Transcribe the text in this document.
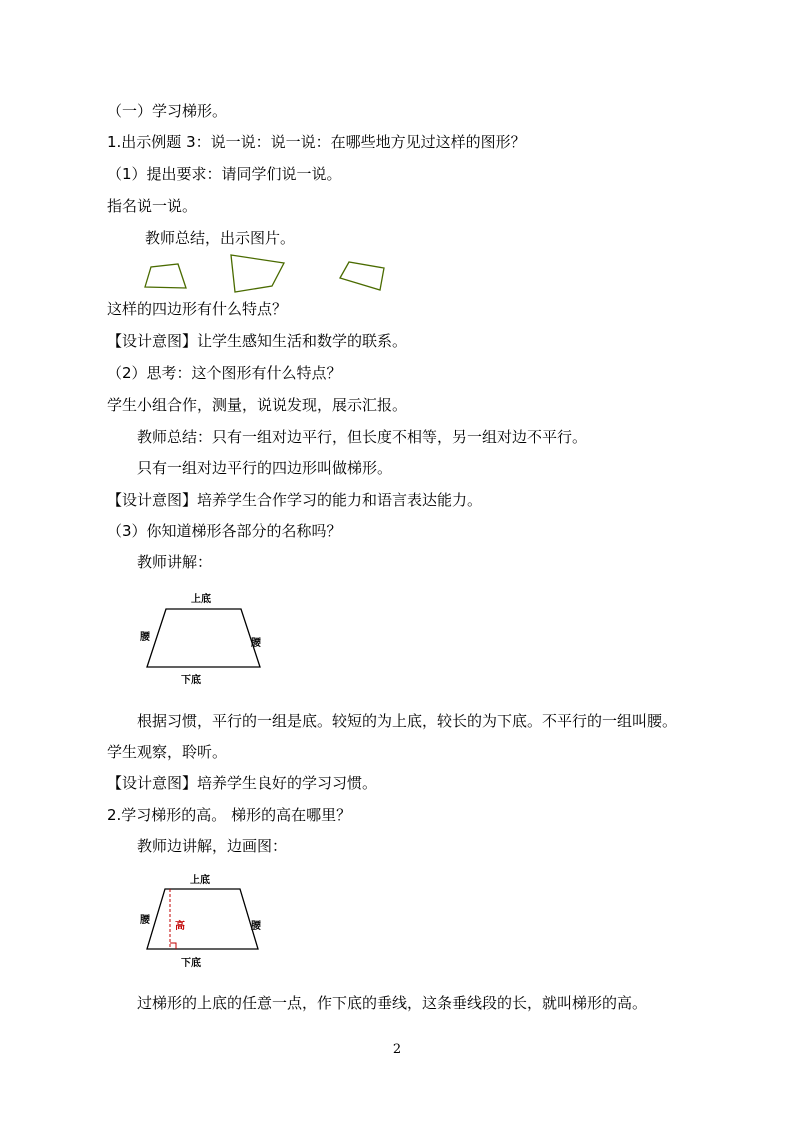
（一）学习梯形。
1.出示例题 3：说一说：说一说：在哪些地方见过这样的图形？
（1）提出要求：请同学们说一说。
指名说一说。
教师总结，出示图片。
这样的四边形有什么特点？
【设计意图】让学生感知生活和数学的联系。
（2）思考：这个图形有什么特点？
学生小组合作，测量，说说发现，展示汇报。
教师总结：只有一组对边平行，但长度不相等，另一组对边不平行。
只有一组对边平行的四边形叫做梯形。
【设计意图】培养学生合作学习的能力和语言表达能力。
（3）你知道梯形各部分的名称吗？
教师讲解：
上底
下底
腰
腰
根据习惯，平行的一组是底。较短的为上底，较长的为下底。不平行的一组叫腰。
学生观察，聆听。
【设计意图】培养学生良好的学习习惯。
2.学习梯形的高。 梯形的高在哪里？
教师边讲解，边画图：
上底
下底
腰
腰
高
过梯形的上底的任意一点，作下底的垂线，这条垂线段的长，就叫梯形的高。
2
